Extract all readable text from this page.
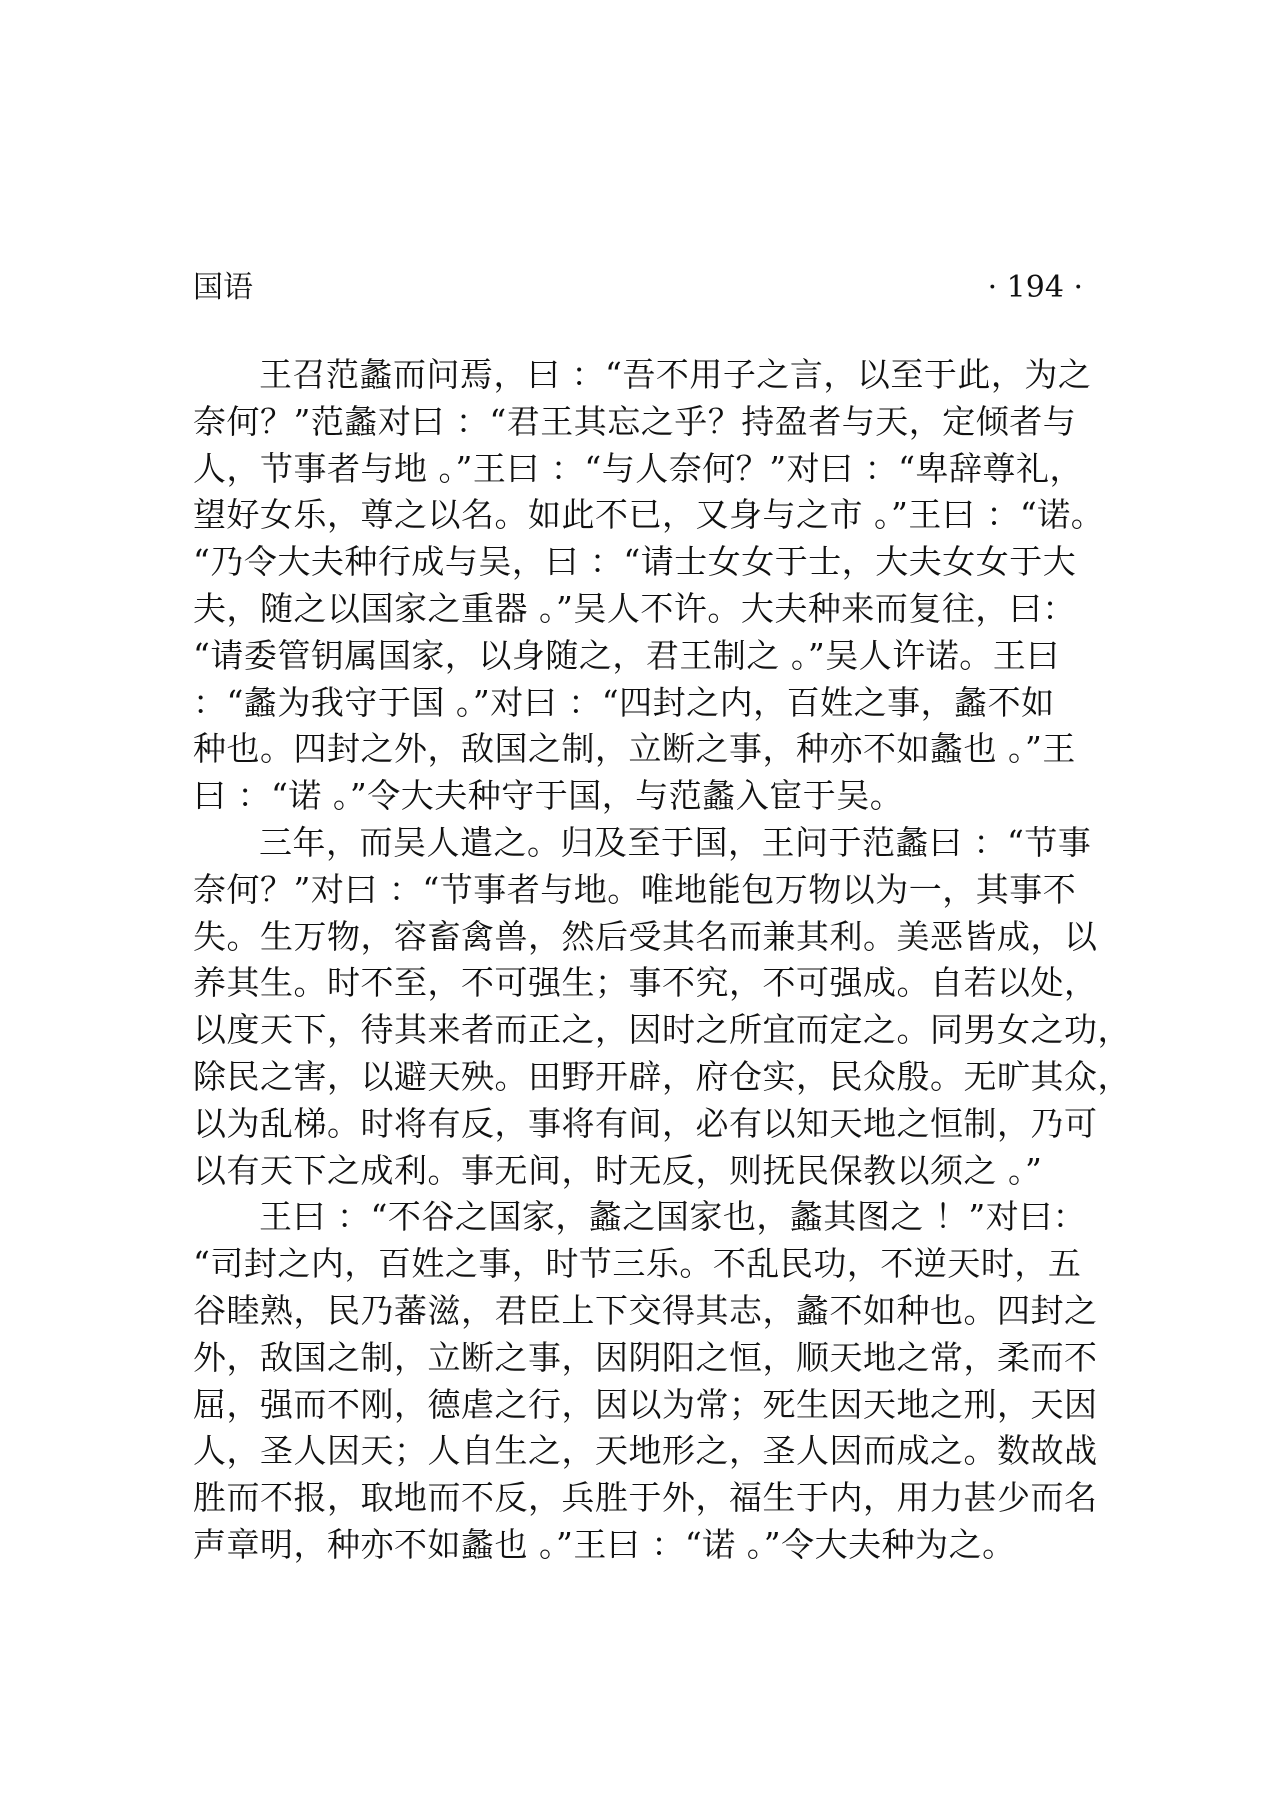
国语	· 194 ·
王召范蠡而问焉，曰 ：“吾不用子之言，以至于此，为之
奈何？”范蠡对曰 ：“君王其忘之乎？持盈者与天，定倾者与
人，节事者与地 。”王曰 ：“与人奈何？”对曰 ：“卑辞尊礼，
望好女乐，尊之以名。如此不已，又身与之市 。”王曰 ：“诺。
“乃令大夫种行成与吴，曰 ：“请士女女于士，大夫女女于大
夫，随之以国家之重器 。”吴人不许。大夫种来而复往，曰：
“请委管钥属国家，以身随之，君王制之 。”吴人许诺。王曰
：“蠡为我守于国 。”对曰 ：“四封之内，百姓之事，蠡不如
种也。四封之外，敌国之制，立断之事，种亦不如蠡也 。”王
曰 ：“诺 。”令大夫种守于国，与范蠡入宦于吴。
三年，而吴人遣之。归及至于国，王问于范蠡曰 ：“节事
奈何？”对曰 ：“节事者与地。唯地能包万物以为一，其事不
失。生万物，容畜禽兽，然后受其名而兼其利。美恶皆成，以
养其生。时不至，不可强生；事不究，不可强成。自若以处，
以度天下，待其来者而正之，因时之所宜而定之。同男女之功，
除民之害，以避天殃。田野开辟，府仓实，民众殷。无旷其众，
以为乱梯。时将有反，事将有间，必有以知天地之恒制，乃可
以有天下之成利。事无间，时无反，则抚民保教以须之 。”
王曰 ：“不谷之国家，蠡之国家也，蠡其图之 ！”对曰：
“司封之内，百姓之事，时节三乐。不乱民功，不逆天时，五
谷睦熟，民乃蕃滋，君臣上下交得其志，蠡不如种也。四封之
外，敌国之制，立断之事，因阴阳之恒，顺天地之常，柔而不
屈，强而不刚，德虐之行，因以为常；死生因天地之刑，天因
人，圣人因天；人自生之，天地形之，圣人因而成之。数故战
胜而不报，取地而不反，兵胜于外，福生于内，用力甚少而名
声章明，种亦不如蠡也 。”王曰 ：“诺 。”令大夫种为之。
